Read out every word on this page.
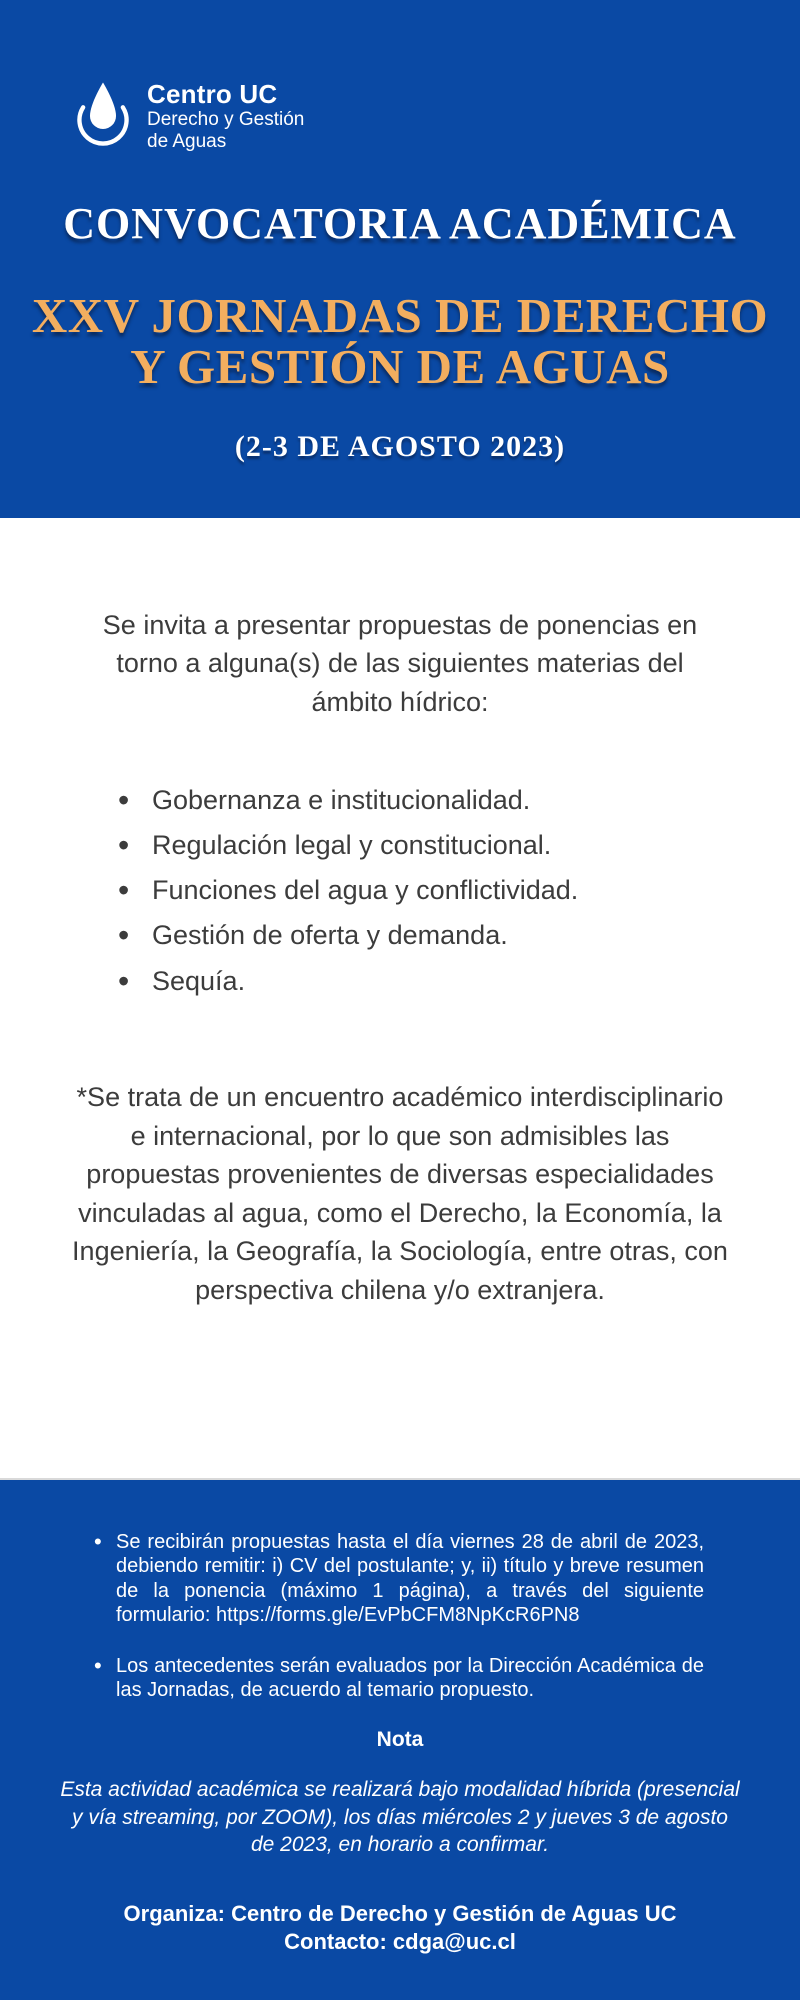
Centro UC
Derecho y Gestión
de Aguas
CONVOCATORIA ACADÉMICA
XXV JORNADAS DE DERECHO
Y GESTIÓN DE AGUAS
(2-3 DE AGOSTO 2023)

Se invita a presentar propuestas de ponencias en torno a alguna(s) de las siguientes materias del ámbito hídrico:

• Gobernanza e institucionalidad.
• Regulación legal y constitucional.
• Funciones del agua y conflictividad.
• Gestión de oferta y demanda.
• Sequía.

*Se trata de un encuentro académico interdisciplinario e internacional, por lo que son admisibles las propuestas provenientes de diversas especialidades vinculadas al agua, como el Derecho, la Economía, la Ingeniería, la Geografía, la Sociología, entre otras, con perspectiva chilena y/o extranjera.

• Se recibirán propuestas hasta el día viernes 28 de abril de 2023, debiendo remitir: i) CV del postulante; y, ii) título y breve resumen de la ponencia (máximo 1 página), a través del siguiente formulario: https://forms.gle/EvPbCFM8NpKcR6PN8
• Los antecedentes serán evaluados por la Dirección Académica de las Jornadas, de acuerdo al temario propuesto.
Nota

Esta actividad académica se realizará bajo modalidad híbrida (presencial y vía streaming, por ZOOM), los días miércoles 2 y jueves 3 de agosto de 2023, en horario a confirmar.

Organiza: Centro de Derecho y Gestión de Aguas UC
Contacto: cdga@uc.cl
